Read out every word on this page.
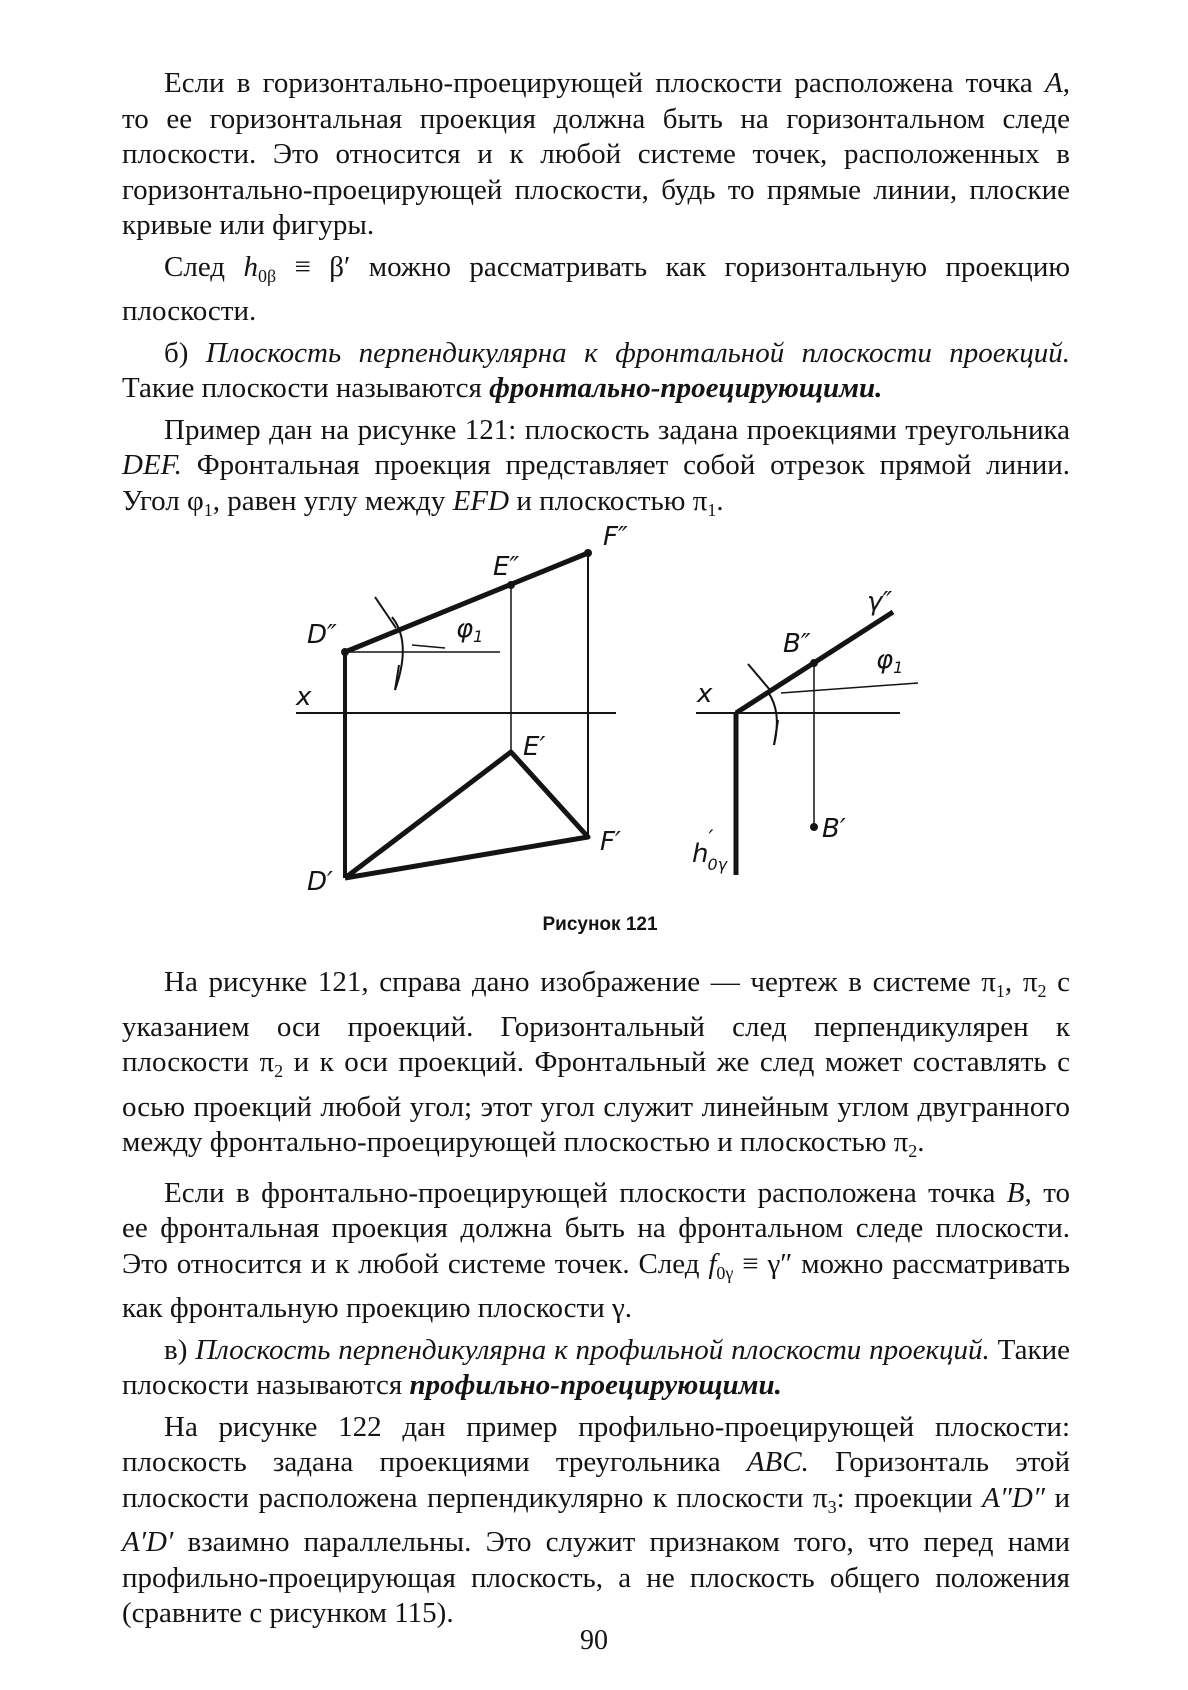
Если в горизонтально-проецирующей плоскости расположена точка A, то ее горизонтальная проекция должна быть на горизонтальном следе плоскости. Это относится и к любой системе точек, расположенных в горизонтально-проецирующей плоскости, будь то прямые линии, плоские кривые или фигуры.

След $h_{0\beta} \equiv \beta'$ можно рассматривать как горизонтальную проекцию плоскости.

б) Плоскость перпендикулярна к фронтальной плоскости проекций. Такие плоскости называются фронтально-проецирующими.

Пример дан на рисунке 121: плоскость задана проекциями треугольника DEF. Фронтальная проекция представляет собой отрезок прямой линии. Угол $\varphi_1$, равен углу между EFD и плоскостью $\pi_1$.

На рисунке 121, справа дано изображение — чертеж в системе $\pi_1$, $\pi_2$ с указанием оси проекций. Горизонтальный след перпендикулярен к плоскости $\pi_2$ и к оси проекций. Фронтальный же след может составлять с осью проекций любой угол; этот угол служит линейным углом двугранного между фронтально-проецирующей плоскостью и плоскостью $\pi_2$.

Если в фронтально-проецирующей плоскости расположена точка B, то ее фронтальная проекция должна быть на фронтальном следе плоскости. Это относится и к любой системе точек. След $f_{0\gamma} \equiv \gamma''$ можно рассматривать как фронтальную проекцию плоскости γ.

в) Плоскость перпендикулярна к профильной плоскости проекций. Такие плоскости называются профильно-проецирующими.

На рисунке 122 дан пример профильно-проецирующей плоскости: плоскость задана проекциями треугольника ABC. Горизонталь этой плоскости расположена перпендикулярно к плоскости $\pi_3$: проекции A″D″ и A′D′ взаимно параллельны. Это служит признаком того, что перед нами профильно-проецирующая плоскость, а не плоскость общего положения (сравните с рисунком 115).

x
D″
E″
F″
φ1
E′
F′
D′
x
B″
γ″
φ1
B′
h′ 0γ
Рисунок 121
90
